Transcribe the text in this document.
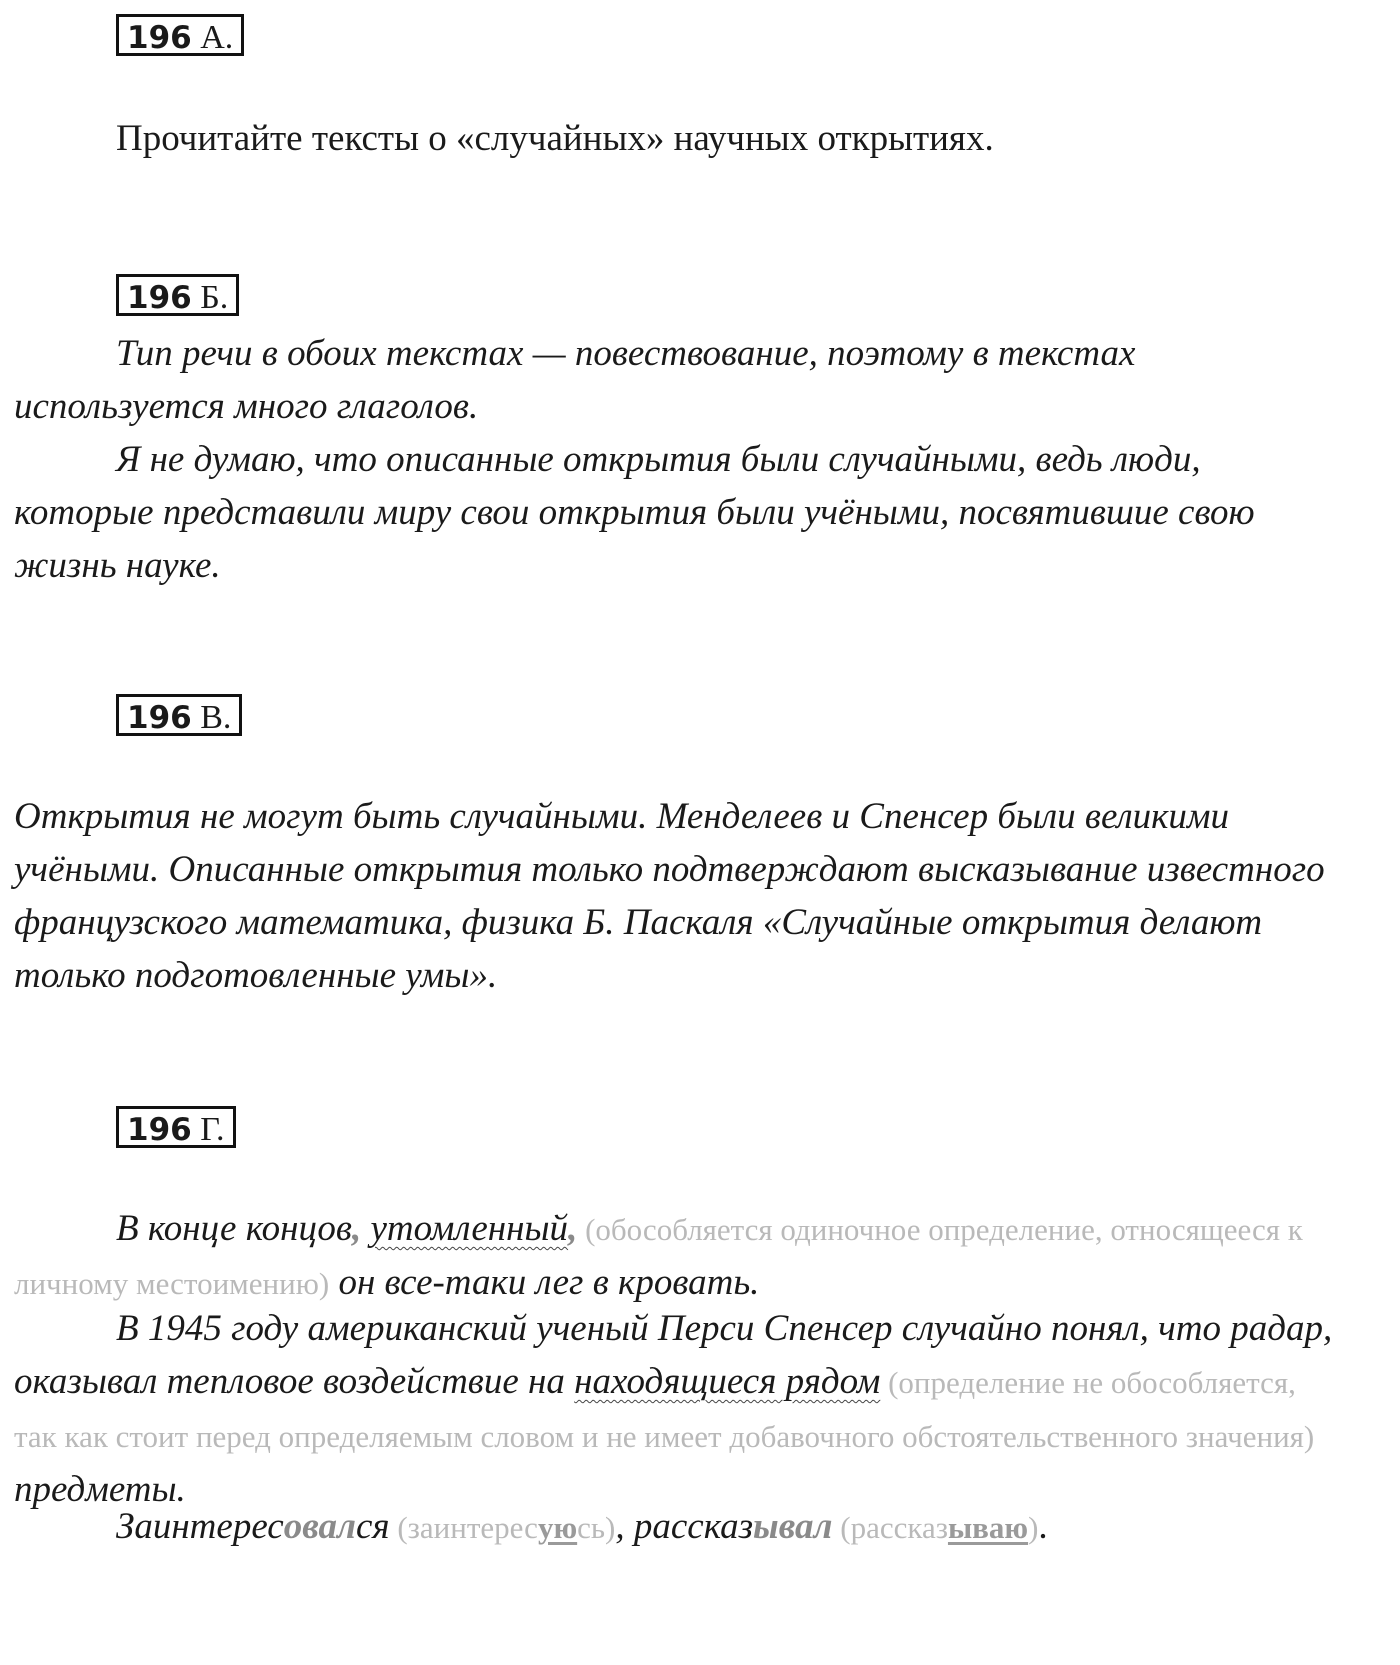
196 А.

Прочитайте тексты о «случайных» научных открытиях.

196 Б.

Тип речи в обоих текстах — повествование, поэтому в текстах используется много глаголов.

Я не думаю, что описанные открытия были случайными, ведь люди, которые представили миру свои открытия были учёными, посвятившие свою жизнь науке.

196 В.

Открытия не могут быть случайными. Менделеев и Спенсер были великими учёными. Описанные открытия только подтверждают высказывание известного французского математика, физика Б. Паскаля «Случайные открытия делают только подготовленные умы».

196 Г.

В конце концов, утомленный, (обособляется одиночное определение, относящееся к личному местоимению) он все-таки лег в кровать.

В 1945 году американский ученый Перси Спенсер случайно понял, что радар, оказывал тепловое воздействие на находящиеся рядом (определение не обособляется, так как стоит перед определяемым словом и не имеет добавочного обстоятельственного значения) предметы.

Заинтересовался (заинтересуюсь), рассказывал (рассказываю).
